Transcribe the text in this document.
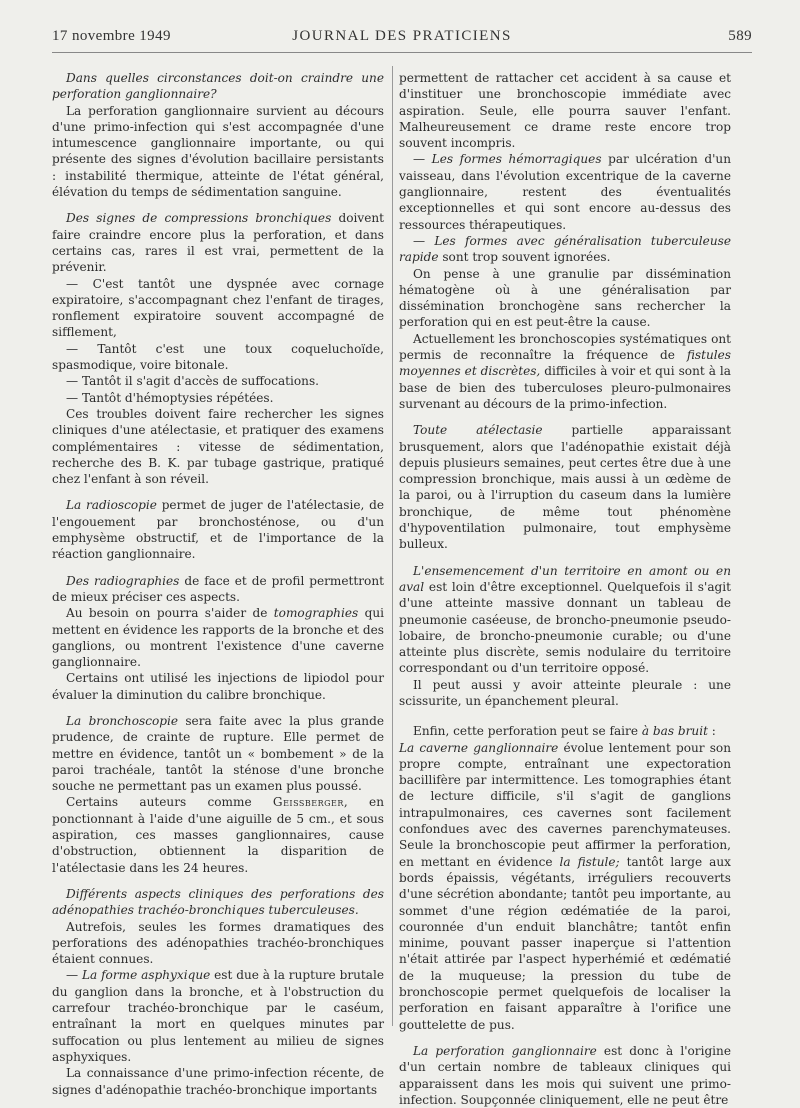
17 novembre 1949	JOURNAL DES PRATICIENS	589

Dans quelles circonstances doit-on craindre une perforation ganglionnaire?

La perforation ganglionnaire survient au décours d'une primo-infection qui s'est accompagnée d'une intumescence ganglionnaire importante, ou qui présente des signes d'évolution bacillaire persistants : instabilité thermique, atteinte de l'état général, élévation du temps de sédimentation sanguine.

Des signes de compressions bronchiques doivent faire craindre encore plus la perforation, et dans certains cas, rares il est vrai, permettent de la prévenir.

— C'est tantôt une dyspnée avec cornage expiratoire, s'accompagnant chez l'enfant de tirages, ronflement expiratoire souvent accompagné de sifflement,

— Tantôt c'est une toux coqueluchoïde, spasmodique, voire bitonale.

— Tantôt il s'agit d'accès de suffocations.

— Tantôt d'hémoptysies répétées.

Ces troubles doivent faire rechercher les signes cliniques d'une atélectasie, et pratiquer des examens complémentaires : vitesse de sédimentation, recherche des B. K. par tubage gastrique, pratiqué chez l'enfant à son réveil.

La radioscopie permet de juger de l'atélectasie, de l'engouement par bronchosténose, ou d'un emphysème obstructif, et de l'importance de la réaction ganglionnaire.

Des radiographies de face et de profil permettront de mieux préciser ces aspects.

Au besoin on pourra s'aider de tomographies qui mettent en évidence les rapports de la bronche et des ganglions, ou montrent l'existence d'une caverne ganglionnaire.

Certains ont utilisé les injections de lipiodol pour évaluer la diminution du calibre bronchique.

La bronchoscopie sera faite avec la plus grande prudence, de crainte de rupture. Elle permet de mettre en évidence, tantôt un « bombement » de la paroi trachéale, tantôt la sténose d'une bronche souche ne permettant pas un examen plus poussé.

Certains auteurs comme Geissberger, en ponctionnant à l'aide d'une aiguille de 5 cm., et sous aspiration, ces masses ganglionnaires, cause d'obstruction, obtiennent la disparition de l'atélectasie dans les 24 heures.

Différents aspects cliniques des perforations des adénopathies trachéo-bronchiques tuberculeuses.

Autrefois, seules les formes dramatiques des perforations des adénopathies trachéo-bronchiques étaient connues.

— La forme asphyxique est due à la rupture brutale du ganglion dans la bronche, et à l'obstruction du carrefour trachéo-bronchique par le caséum, entraînant la mort en quelques minutes par suffocation ou plus lentement au milieu de signes asphyxiques.

La connaissance d'une primo-infection récente, de signes d'adénopathie trachéo-bronchique importants

permettent de rattacher cet accident à sa cause et d'instituer une bronchoscopie immédiate avec aspiration. Seule, elle pourra sauver l'enfant. Malheureusement ce drame reste encore trop souvent incompris.

— Les formes hémorragiques par ulcération d'un vaisseau, dans l'évolution excentrique de la caverne ganglionnaire, restent des éventualités exceptionnelles et qui sont encore au-dessus des ressources thérapeutiques.

— Les formes avec généralisation tuberculeuse rapide sont trop souvent ignorées.

On pense à une granulie par dissémination hématogène où à une généralisation par dissémination bronchogène sans rechercher la perforation qui en est peut-être la cause.

Actuellement les bronchoscopies systématiques ont permis de reconnaître la fréquence de fistules moyennes et discrètes, difficiles à voir et qui sont à la base de bien des tuberculoses pleuro-pulmonaires survenant au décours de la primo-infection.

Toute atélectasie partielle apparaissant brusquement, alors que l'adénopathie existait déjà depuis plusieurs semaines, peut certes être due à une compression bronchique, mais aussi à un œdème de la paroi, ou à l'irruption du caseum dans la lumière bronchique, de même tout phénomène d'hypoventilation pulmonaire, tout emphysème bulleux.

L'ensemencement d'un territoire en amont ou en aval est loin d'être exceptionnel. Quelquefois il s'agit d'une atteinte massive donnant un tableau de pneumonie caséeuse, de broncho-pneumonie pseudo-lobaire, de broncho-pneumonie curable; ou d'une atteinte plus discrète, semis nodulaire du territoire correspondant ou d'un territoire opposé.

Il peut aussi y avoir atteinte pleurale : une scissurite, un épanchement pleural.

Enfin, cette perforation peut se faire à bas bruit :

La caverne ganglionnaire évolue lentement pour son propre compte, entraînant une expectoration bacillifère par intermittence. Les tomographies étant de lecture difficile, s'il s'agit de ganglions intrapulmonaires, ces cavernes sont facilement confondues avec des cavernes parenchymateuses. Seule la bronchoscopie peut affirmer la perforation, en mettant en évidence la fistule; tantôt large aux bords épaissis, végétants, irréguliers recouverts d'une sécrétion abondante; tantôt peu importante, au sommet d'une région œdématiée de la paroi, couronnée d'un enduit blanchâtre; tantôt enfin minime, pouvant passer inaperçue si l'attention n'était attirée par l'aspect hyperhémié et œdématié de la muqueuse; la pression du tube de bronchoscopie permet quelquefois de localiser la perforation en faisant apparaître à l'orifice une gouttelette de pus.

La perforation ganglionnaire est donc à l'origine d'un certain nombre de tableaux cliniques qui apparaissent dans les mois qui suivent une primo-infection. Soupçonnée cliniquement, elle ne peut être
